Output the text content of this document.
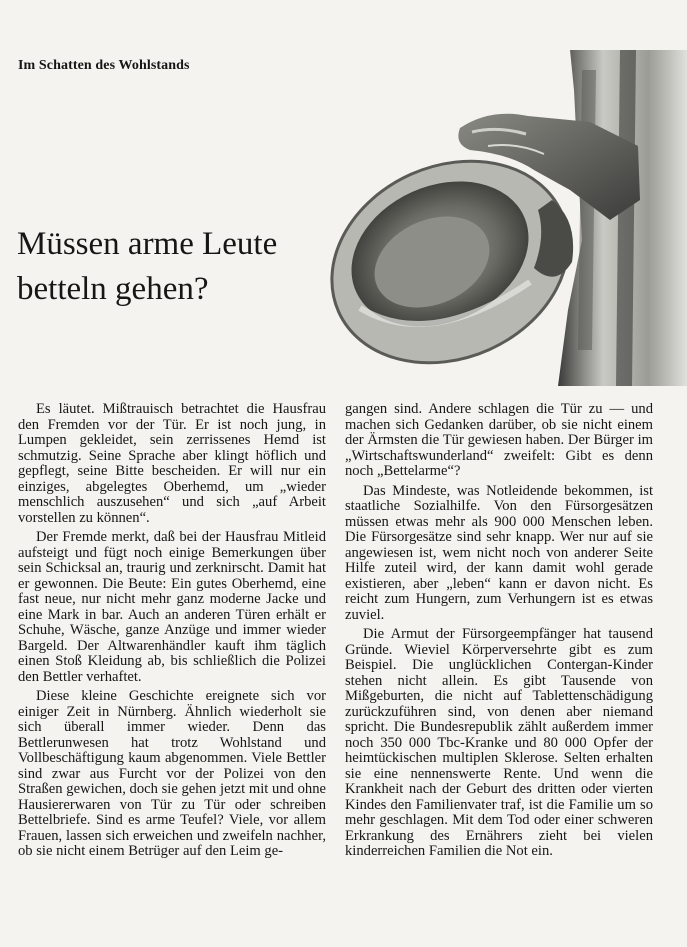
Im Schatten des Wohlstands
Müssen arme Leute
betteln gehen?

Es läutet. Mißtrauisch betrachtet die Hausfrau den Fremden vor der Tür. Er ist noch jung, in Lumpen gekleidet, sein zerrissenes Hemd ist schmutzig. Seine Sprache aber klingt höflich und gepflegt, seine Bitte bescheiden. Er will nur ein einziges, abgelegtes Oberhemd, um „wieder menschlich auszusehen“ und sich „auf Arbeit vorstellen zu können“.

Der Fremde merkt, daß bei der Hausfrau Mitleid aufsteigt und fügt noch einige Bemerkungen über sein Schicksal an, traurig und zerknirscht. Damit hat er gewonnen. Die Beute: Ein gutes Oberhemd, eine fast neue, nur nicht mehr ganz moderne Jacke und eine Mark in bar. Auch an anderen Türen erhält er Schuhe, Wäsche, ganze Anzüge und immer wieder Bargeld. Der Altwarenhändler kauft ihm täglich einen Stoß Kleidung ab, bis schließlich die Polizei den Bettler verhaftet.

Diese kleine Geschichte ereignete sich vor einiger Zeit in Nürnberg. Ähnlich wiederholt sie sich überall immer wieder. Denn das Bettlerunwesen hat trotz Wohlstand und Vollbeschäftigung kaum abgenommen. Viele Bettler sind zwar aus Furcht vor der Polizei von den Straßen gewichen, doch sie gehen jetzt mit und ohne Hausiererwaren von Tür zu Tür oder schreiben Bettelbriefe. Sind es arme Teufel? Viele, vor allem Frauen, lassen sich erweichen und zweifeln nachher, ob sie nicht einem Betrüger auf den Leim ge-

gangen sind. Andere schlagen die Tür zu — und machen sich Gedanken darüber, ob sie nicht einem der Ärmsten die Tür gewiesen haben. Der Bürger im „Wirtschaftswunderland“ zweifelt: Gibt es denn noch „Bettelarme“?

Das Mindeste, was Notleidende bekommen, ist staatliche Sozialhilfe. Von den Fürsorgesätzen müssen etwas mehr als 900 000 Menschen leben. Die Fürsorgesätze sind sehr knapp. Wer nur auf sie angewiesen ist, wem nicht noch von anderer Seite Hilfe zuteil wird, der kann damit wohl gerade existieren, aber „leben“ kann er davon nicht. Es reicht zum Hungern, zum Verhungern ist es etwas zuviel.

Die Armut der Fürsorgeempfänger hat tausend Gründe. Wieviel Körperversehrte gibt es zum Beispiel. Die unglücklichen Contergan-Kinder stehen nicht allein. Es gibt Tausende von Mißgeburten, die nicht auf Tablettenschädigung zurückzuführen sind, von denen aber niemand spricht. Die Bundesrepublik zählt außerdem immer noch 350 000 Tbc-Kranke und 80 000 Opfer der heimtückischen multiplen Sklerose. Selten erhalten sie eine nennenswerte Rente. Und wenn die Krankheit nach der Geburt des dritten oder vierten Kindes den Familienvater traf, ist die Familie um so mehr geschlagen. Mit dem Tod oder einer schweren Erkrankung des Ernährers zieht bei vielen kinderreichen Familien die Not ein.
